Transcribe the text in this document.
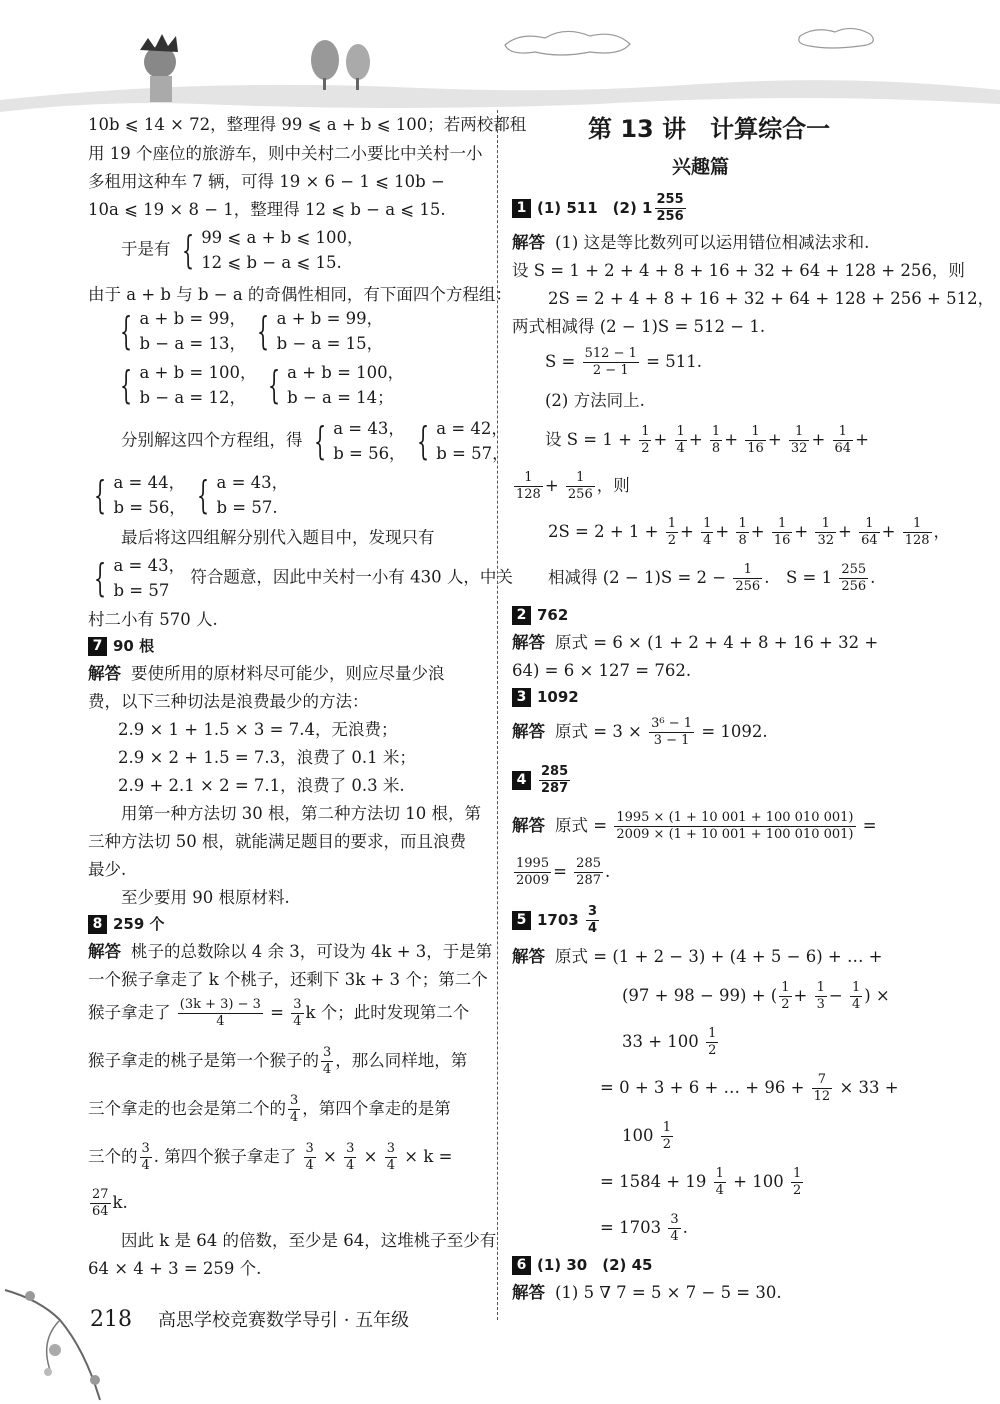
10b ⩽ 14 × 72，整理得 99 ⩽ a + b ⩽ 100；若两校都租
用 19 个座位的旅游车，则中关村二小要比中关村一小
多租用这种车 7 辆，可得 19 × 6 − 1 ⩽ 10b −
10a ⩽ 19 × 8 − 1，整理得 12 ⩽ b − a ⩽ 15.
于是有 { 99 ⩽ a + b ⩽ 100，
12 ⩽ b − a ⩽ 15.
由于 a + b 与 b − a 的奇偶性相同，有下面四个方程组：
{ a + b = 99，
b − a = 13， { a + b = 99，
b − a = 15，
{ a + b = 100，
b − a = 12， { a + b = 100，
b − a = 14；
分别解这四个方程组，得 { a = 43，
b = 56， { a = 42，
b = 57，
{ a = 44，
b = 56， { a = 43，
b = 57.
最后将这四组解分别代入题目中，发现只有
{ a = 43，
b = 57
符合题意，因此中关村一小有 430 人，中关
村二小有 570 人.
7 90 根
解答 要使所用的原材料尽可能少，则应尽量少浪
费，以下三种切法是浪费最少的方法：
2.9 × 1 + 1.5 × 3 = 7.4，无浪费；
2.9 × 2 + 1.5 = 7.3，浪费了 0.1 米；
2.9 + 2.1 × 2 = 7.1，浪费了 0.3 米.
用第一种方法切 30 根，第二种方法切 10 根，第
三种方法切 50 根，就能满足题目的要求，而且浪费
最少.
至少要用 90 根原材料.
8 259 个
解答 桃子的总数除以 4 余 3，可设为 4k + 3，于是第
一个猴子拿走了 k 个桃子，还剩下 3k + 3 个；第二个
猴子拿走了 $\frac{(3k + 3) - 3}{4} = \frac{3}{4}$ k 个；此时发现第二个
猴子拿走的桃子是第一个猴子的 $\frac{3}{4}$ ，那么同样地，第
三个拿走的也会是第二个的 $\frac{3}{4}$ ，第四个拿走的是第
三个的 $\frac{3}{4}$ . 第四个猴子拿走了 $\frac{3}{4} \times \frac{3}{4} \times \frac{3}{4} \times k$ =
$\frac{27}{64} k$.
因此 k 是 64 的倍数，至少是 64，这堆桃子至少有
64 × 4 + 3 = 259 个.
第 13 讲　计算综合一
兴趣篇
1 (1) 511　(2) $1 \frac{255}{256}$
解答 (1) 这是等比数列可以运用错位相减法求和.
设 S = 1 + 2 + 4 + 8 + 16 + 32 + 64 + 128 + 256，则
2S = 2 + 4 + 8 + 16 + 32 + 64 + 128 + 256 + 512，
两式相减得 (2 − 1)S = 512 − 1.
$S = \frac{512 - 1}{2 - 1} = 511$.
(2) 方法同上.
设 $S = 1 + \frac{1}{2} + \frac{1}{4} + \frac{1}{8} + \frac{1}{16} + \frac{1}{32} + \frac{1}{64}$ +
$\frac{1}{128} + \frac{1}{256}$ ，则
$2S = 2 + 1 + \frac{1}{2} + \frac{1}{4} + \frac{1}{8} + \frac{1}{16} + \frac{1}{32} + \frac{1}{64} + \frac{1}{128}$ ，
相减得 $(2 - 1)S = 2 - \frac{1}{256}$ .　$S = 1 \frac{255}{256}$ .
2 762
解答 原式 = 6 × (1 + 2 + 4 + 8 + 16 + 32 +
64) = 6 × 127 = 762.
3 1092
解答 原式 = $3 \times \frac{\text{3⁶ − 1}}{3 - 1} = 1092$.
$4 \frac{285}{287}$
解答 原式 = $\frac{1995 \times (1 + 10 001 + 100 010 001)}{2009 \times (1 + 10 001 + 100 010 001)}$ =
$\frac{1995}{2009} = \frac{285}{287}$ .
5 $1703 \frac{3}{4}$
解答 原式 = (1 + 2 − 3) + (4 + 5 − 6) + … +
(97 + 98 − 99) + ( $\frac{1}{2} + \frac{1}{3} - \frac{1}{4}$ ) ×
$33 + 100 \frac{1}{2}$
= 0 + 3 + 6 + … + $96 + \frac{7}{12} \times 33$ +
$100 \frac{1}{2}$
= $1584 + 19 \frac{1}{4} + 100 \frac{1}{2}$
= $1703 \frac{3}{4}$ .
6 (1) 30　(2) 45
解答 (1) 5 ∇ 7 = 5 × 7 − 5 = 30.
218 高思学校竞赛数学导引 · 五年级
